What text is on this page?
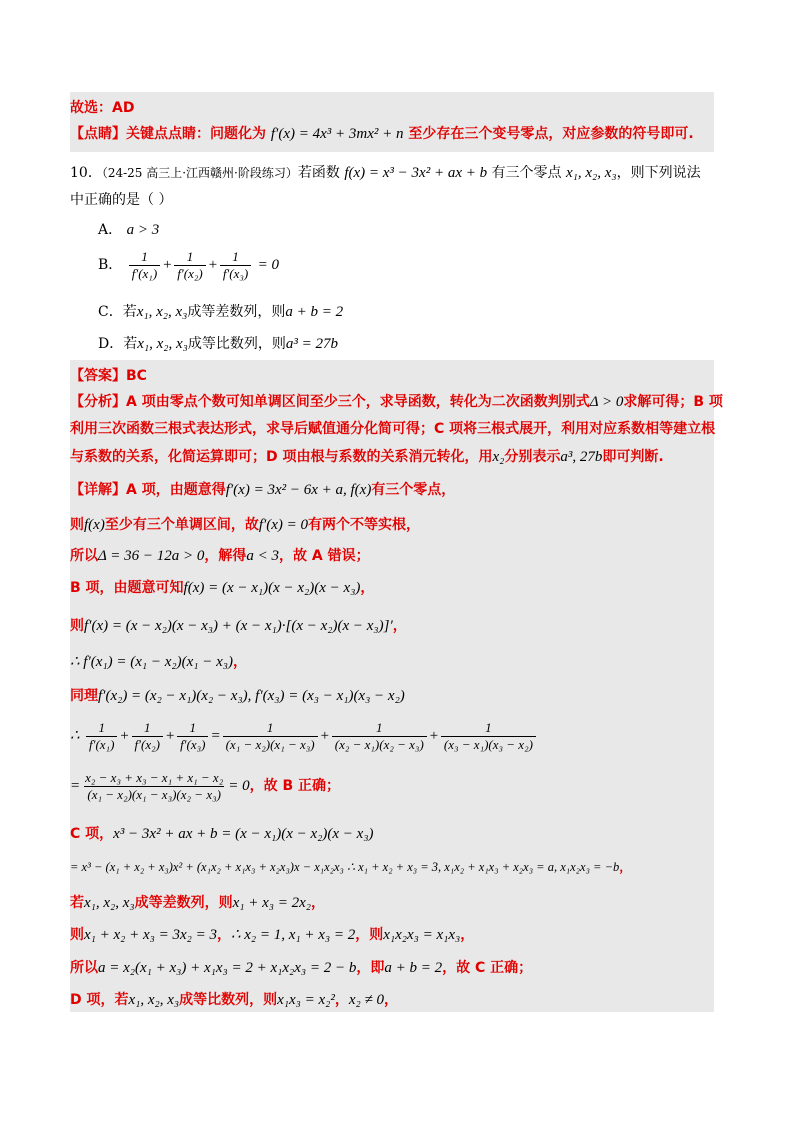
故选：AD
【点睛】关键点点睛：问题化为 f′(x) = 4x³ + 3mx² + n 至少存在三个变号零点，对应参数的符号即可.
10．（24-25 高三上·江西赣州·阶段练习）若函数 f(x) = x³ − 3x² + ax + b 有三个零点 x₁, x₂, x₃，则下列说法
中正确的是（ ）
A． a > 3
B． $\frac{1}{\text{f′(x₁)}} + \frac{1}{\text{f′(x₂)}} + \frac{1}{\text{f′(x₃)}} = 0$
C．若x₁, x₂, x₃成等差数列，则a + b = 2
D．若x₁, x₂, x₃成等比数列，则a³ = 27b
【答案】BC
【分析】A 项由零点个数可知单调区间至少三个，求导函数，转化为二次函数判别式Δ > 0求解可得；B 项
利用三次函数三根式表达形式，求导后赋值通分化简可得；C 项将三根式展开，利用对应系数相等建立根
与系数的关系，化简运算即可；D 项由根与系数的关系消元转化，用x₂分别表示a³, 27b即可判断.
【详解】A 项，由题意得f′(x) = 3x² − 6x + a, f(x)有三个零点，
则f(x)至少有三个单调区间，故f′(x) = 0有两个不等实根，
所以Δ = 36 − 12a > 0，解得a < 3，故 A 错误；
B 项，由题意可知f(x) = (x − x₁)(x − x₂)(x − x₃)，
则f′(x) = (x − x₂)(x − x₃) + (x − x₁)·[(x − x₂)(x − x₃)]′，
∴ f′(x₁) = (x₁ − x₂)(x₁ − x₃)，
同理f′(x₂) = (x₂ − x₁)(x₂ − x₃), f′(x₃) = (x₃ − x₁)(x₃ − x₂)
∴ $\frac{1}{\text{f′(x₁)}} + \frac{1}{\text{f′(x₂)}} + \frac{1}{\text{f′(x₃)}} = \frac{1}{\text{(x₁ − x₂)(x₁ − x₃)}} + \frac{1}{\text{(x₂ − x₁)(x₂ − x₃)}} + \frac{1}{\text{(x₃ − x₁)(x₃ − x₂)}}$
= $\frac{\text{x₂ − x₃ + x₃ − x₁ + x₁ − x₂}}{\text{(x₁ − x₂)(x₁ − x₃)(x₂ − x₃)}} = 0$，故 B 正确；
C 项，x³ − 3x² + ax + b = (x − x₁)(x − x₂)(x − x₃)
= x³ − (x₁ + x₂ + x₃)x² + (x₁x₂ + x₁x₃ + x₂x₃)x − x₁x₂x₃ ∴ x₁ + x₂ + x₃ = 3, x₁x₂ + x₁x₃ + x₂x₃ = a, x₁x₂x₃ = −b，
若x₁, x₂, x₃成等差数列，则x₁ + x₃ = 2x₂，
则x₁ + x₂ + x₃ = 3x₂ = 3，∴ x₂ = 1, x₁ + x₃ = 2，则x₁x₂x₃ = x₁x₃，
所以a = x₂(x₁ + x₃) + x₁x₃ = 2 + x₁x₂x₃ = 2 − b，即a + b = 2，故 C 正确；
D 项，若x₁, x₂, x₃成等比数列，则x₁x₃ = x₂²，x₂ ≠ 0，
